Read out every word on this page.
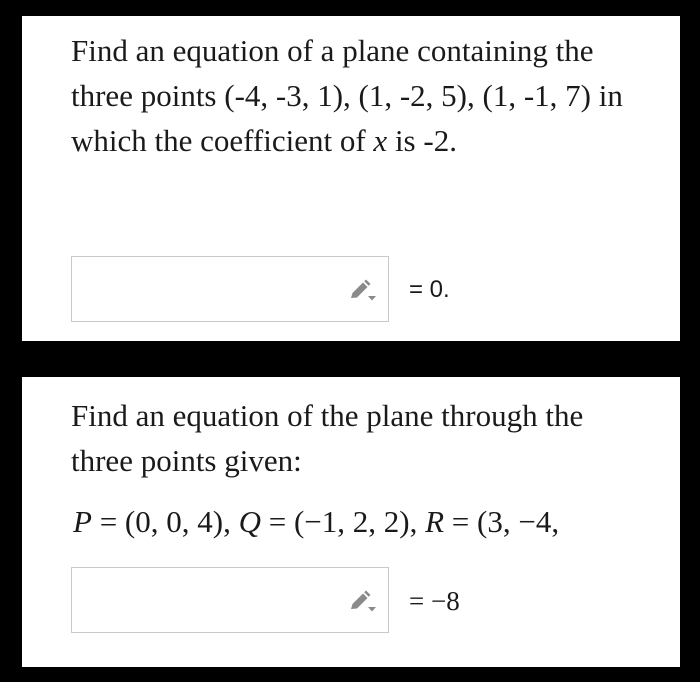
Find an equation of a plane containing the three points (-4, -3, 1), (1, -2, 5), (1, -1, 7) in which the coefficient of x is -2.

= 0.

Find an equation of the plane through the three points given:

P = (0, 0, 4), Q = (−1, 2, 2), R = (3, −4,
= −8
